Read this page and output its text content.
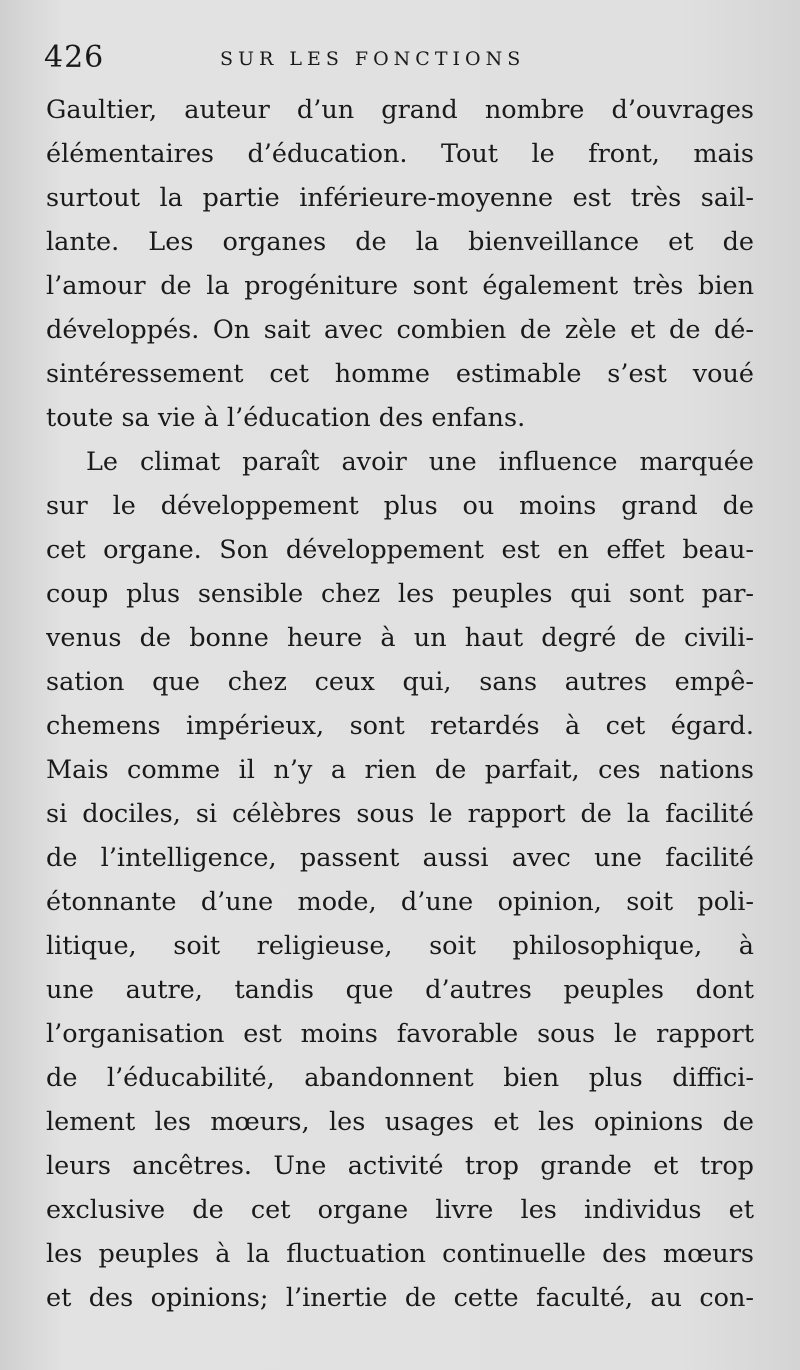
426	SUR LES FONCTIONS
Gaultier, auteur d’un grand nombre d’ouvrages
élémentaires d’éducation. Tout le front, mais
surtout la partie inférieure-moyenne est très sail-
lante. Les organes de la bienveillance et de
l’amour de la progéniture sont également très bien
développés. On sait avec combien de zèle et de dé-
sintéressement cet homme estimable s’est voué
toute sa vie à l’éducation des enfans.
Le climat paraît avoir une influence marquée
sur le développement plus ou moins grand de
cet organe. Son développement est en effet beau-
coup plus sensible chez les peuples qui sont par-
venus de bonne heure à un haut degré de civili-
sation que chez ceux qui, sans autres empê-
chemens impérieux, sont retardés à cet égard.
Mais comme il n’y a rien de parfait, ces nations
si dociles, si célèbres sous le rapport de la facilité
de l’intelligence, passent aussi avec une facilité
étonnante d’une mode, d’une opinion, soit poli-
litique, soit religieuse, soit philosophique, à
une autre, tandis que d’autres peuples dont
l’organisation est moins favorable sous le rapport
de l’éducabilité, abandonnent bien plus diffici-
lement les mœurs, les usages et les opinions de
leurs ancêtres. Une activité trop grande et trop
exclusive de cet organe livre les individus et
les peuples à la fluctuation continuelle des mœurs
et des opinions; l’inertie de cette faculté, au con-
